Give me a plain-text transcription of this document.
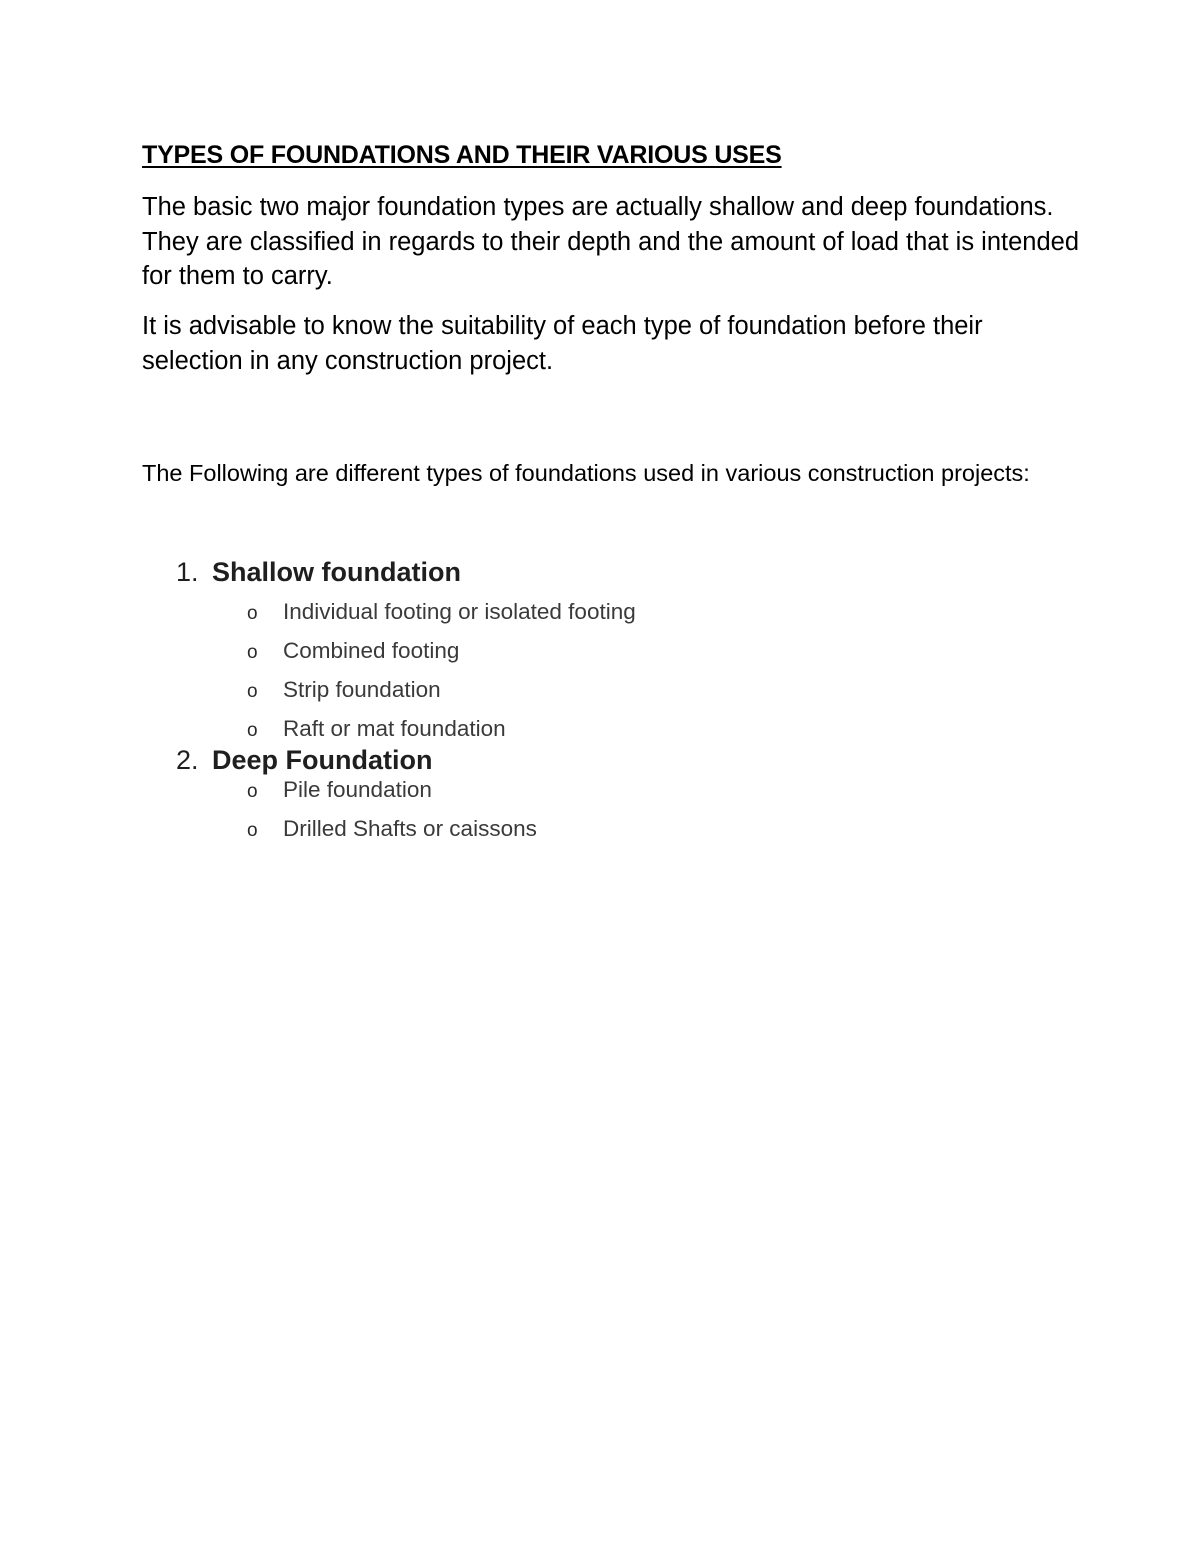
TYPES OF FOUNDATIONS AND THEIR VARIOUS USES

The basic two major foundation types are actually shallow and deep foundations. They are classified in regards to their depth and the amount of load that is intended for them to carry.

It is advisable to know the suitability of each type of foundation before their selection in any construction project.

The Following are different types of foundations used in various construction projects:

1. Shallow foundation
o Individual footing or isolated footing
o Combined footing
o Strip foundation
o Raft or mat foundation
2. Deep Foundation
o Pile foundation
o Drilled Shafts or caissons
